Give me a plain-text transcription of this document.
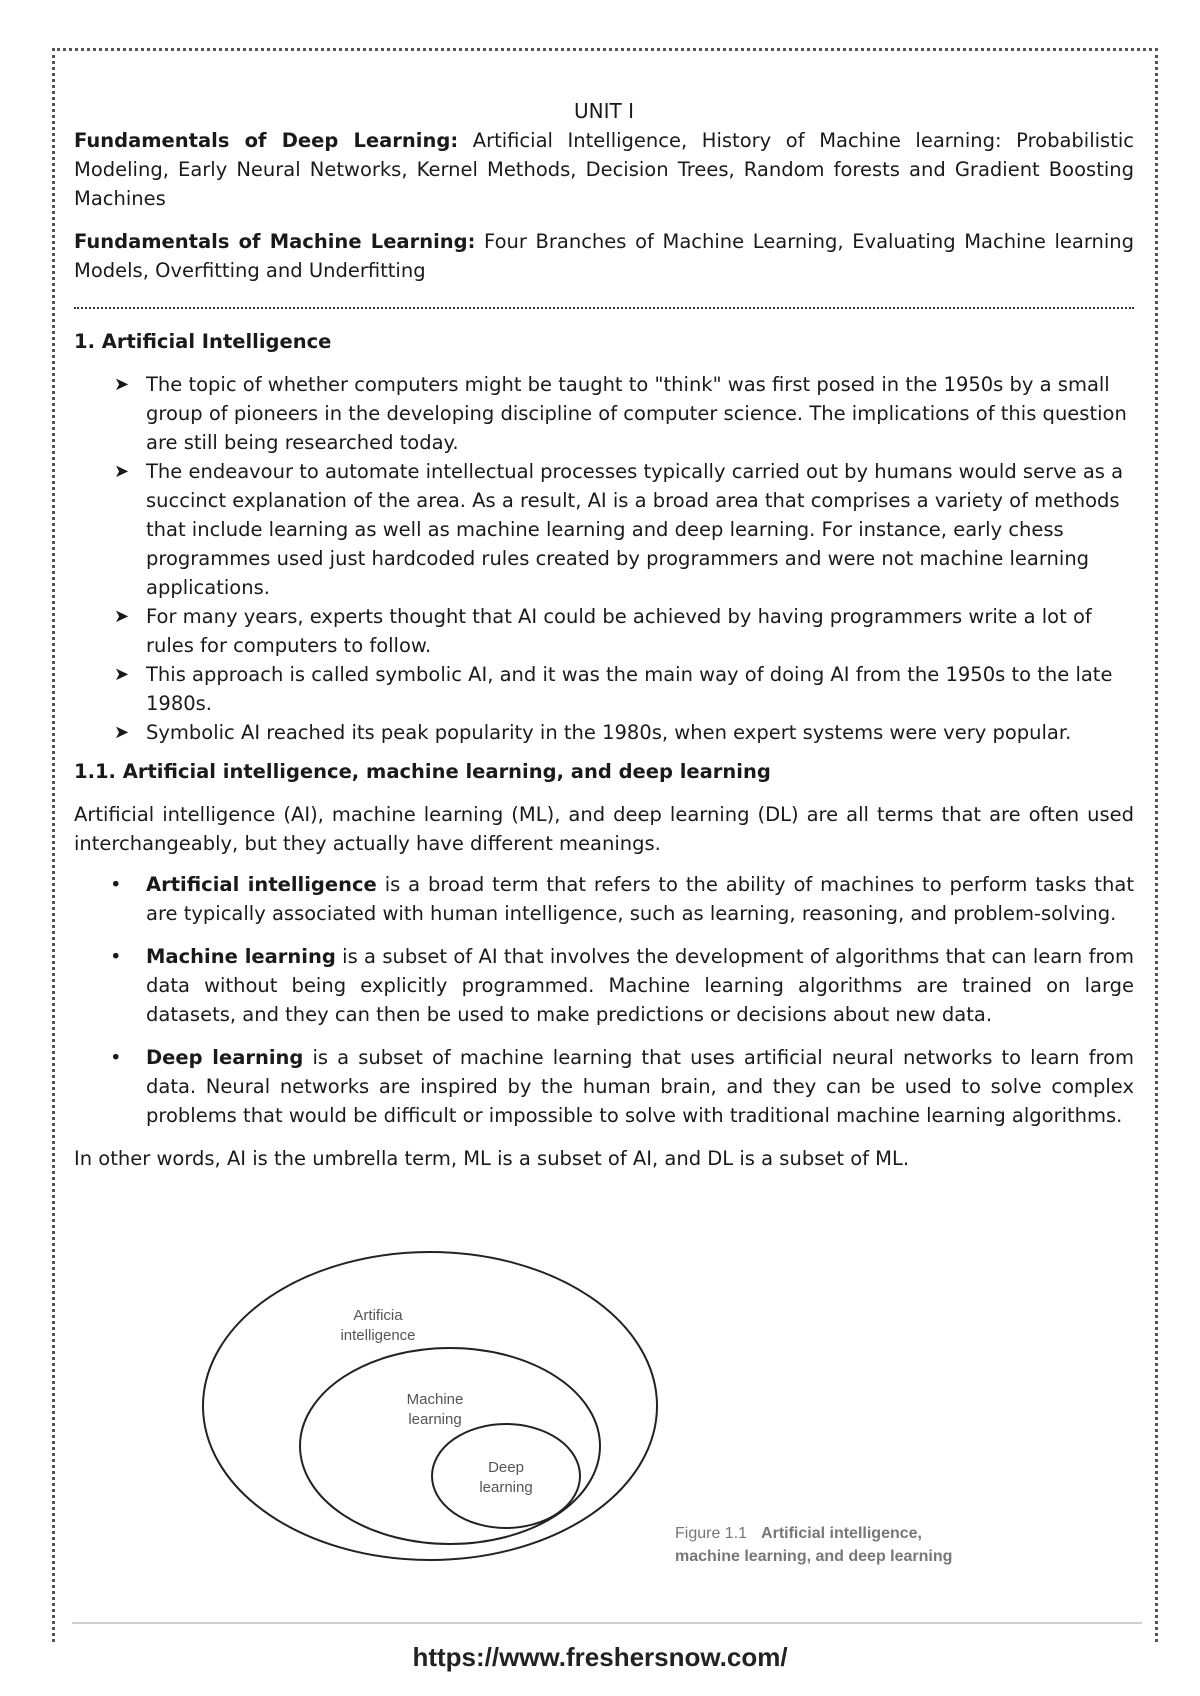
UNIT I

Fundamentals of Deep Learning: Artificial Intelligence, History of Machine learning: Probabilistic Modeling, Early Neural Networks, Kernel Methods, Decision Trees, Random forests and Gradient Boosting Machines

Fundamentals of Machine Learning: Four Branches of Machine Learning, Evaluating Machine learning Models, Overfitting and Underfitting

1. Artificial Intelligence
➤ The topic of whether computers might be taught to "think" was first posed in the 1950s by a small group of pioneers in the developing discipline of computer science. The implications of this question are still being researched today.
➤ The endeavour to automate intellectual processes typically carried out by humans would serve as a succinct explanation of the area. As a result, AI is a broad area that comprises a variety of methods that include learning as well as machine learning and deep learning. For instance, early chess programmes used just hardcoded rules created by programmers and were not machine learning applications.
➤ For many years, experts thought that AI could be achieved by having programmers write a lot of rules for computers to follow.
➤ This approach is called symbolic AI, and it was the main way of doing AI from the 1950s to the late 1980s.
➤ Symbolic AI reached its peak popularity in the 1980s, when expert systems were very popular.
1.1. Artificial intelligence, machine learning, and deep learning

Artificial intelligence (AI), machine learning (ML), and deep learning (DL) are all terms that are often used interchangeably, but they actually have different meanings.

• Artificial intelligence is a broad term that refers to the ability of machines to perform tasks that are typically associated with human intelligence, such as learning, reasoning, and problem-solving.
• Machine learning is a subset of AI that involves the development of algorithms that can learn from data without being explicitly programmed. Machine learning algorithms are trained on large datasets, and they can then be used to make predictions or decisions about new data.
• Deep learning is a subset of machine learning that uses artificial neural networks to learn from data. Neural networks are inspired by the human brain, and they can be used to solve complex problems that would be difficult or impossible to solve with traditional machine learning algorithms.

In other words, AI is the umbrella term, ML is a subset of AI, and DL is a subset of ML.

Artificia
intelligence
Machine
learning
Deep
learning
Figure 1.1 Artificial intelligence,
machine learning, and deep learning
https://www.freshersnow.com/
